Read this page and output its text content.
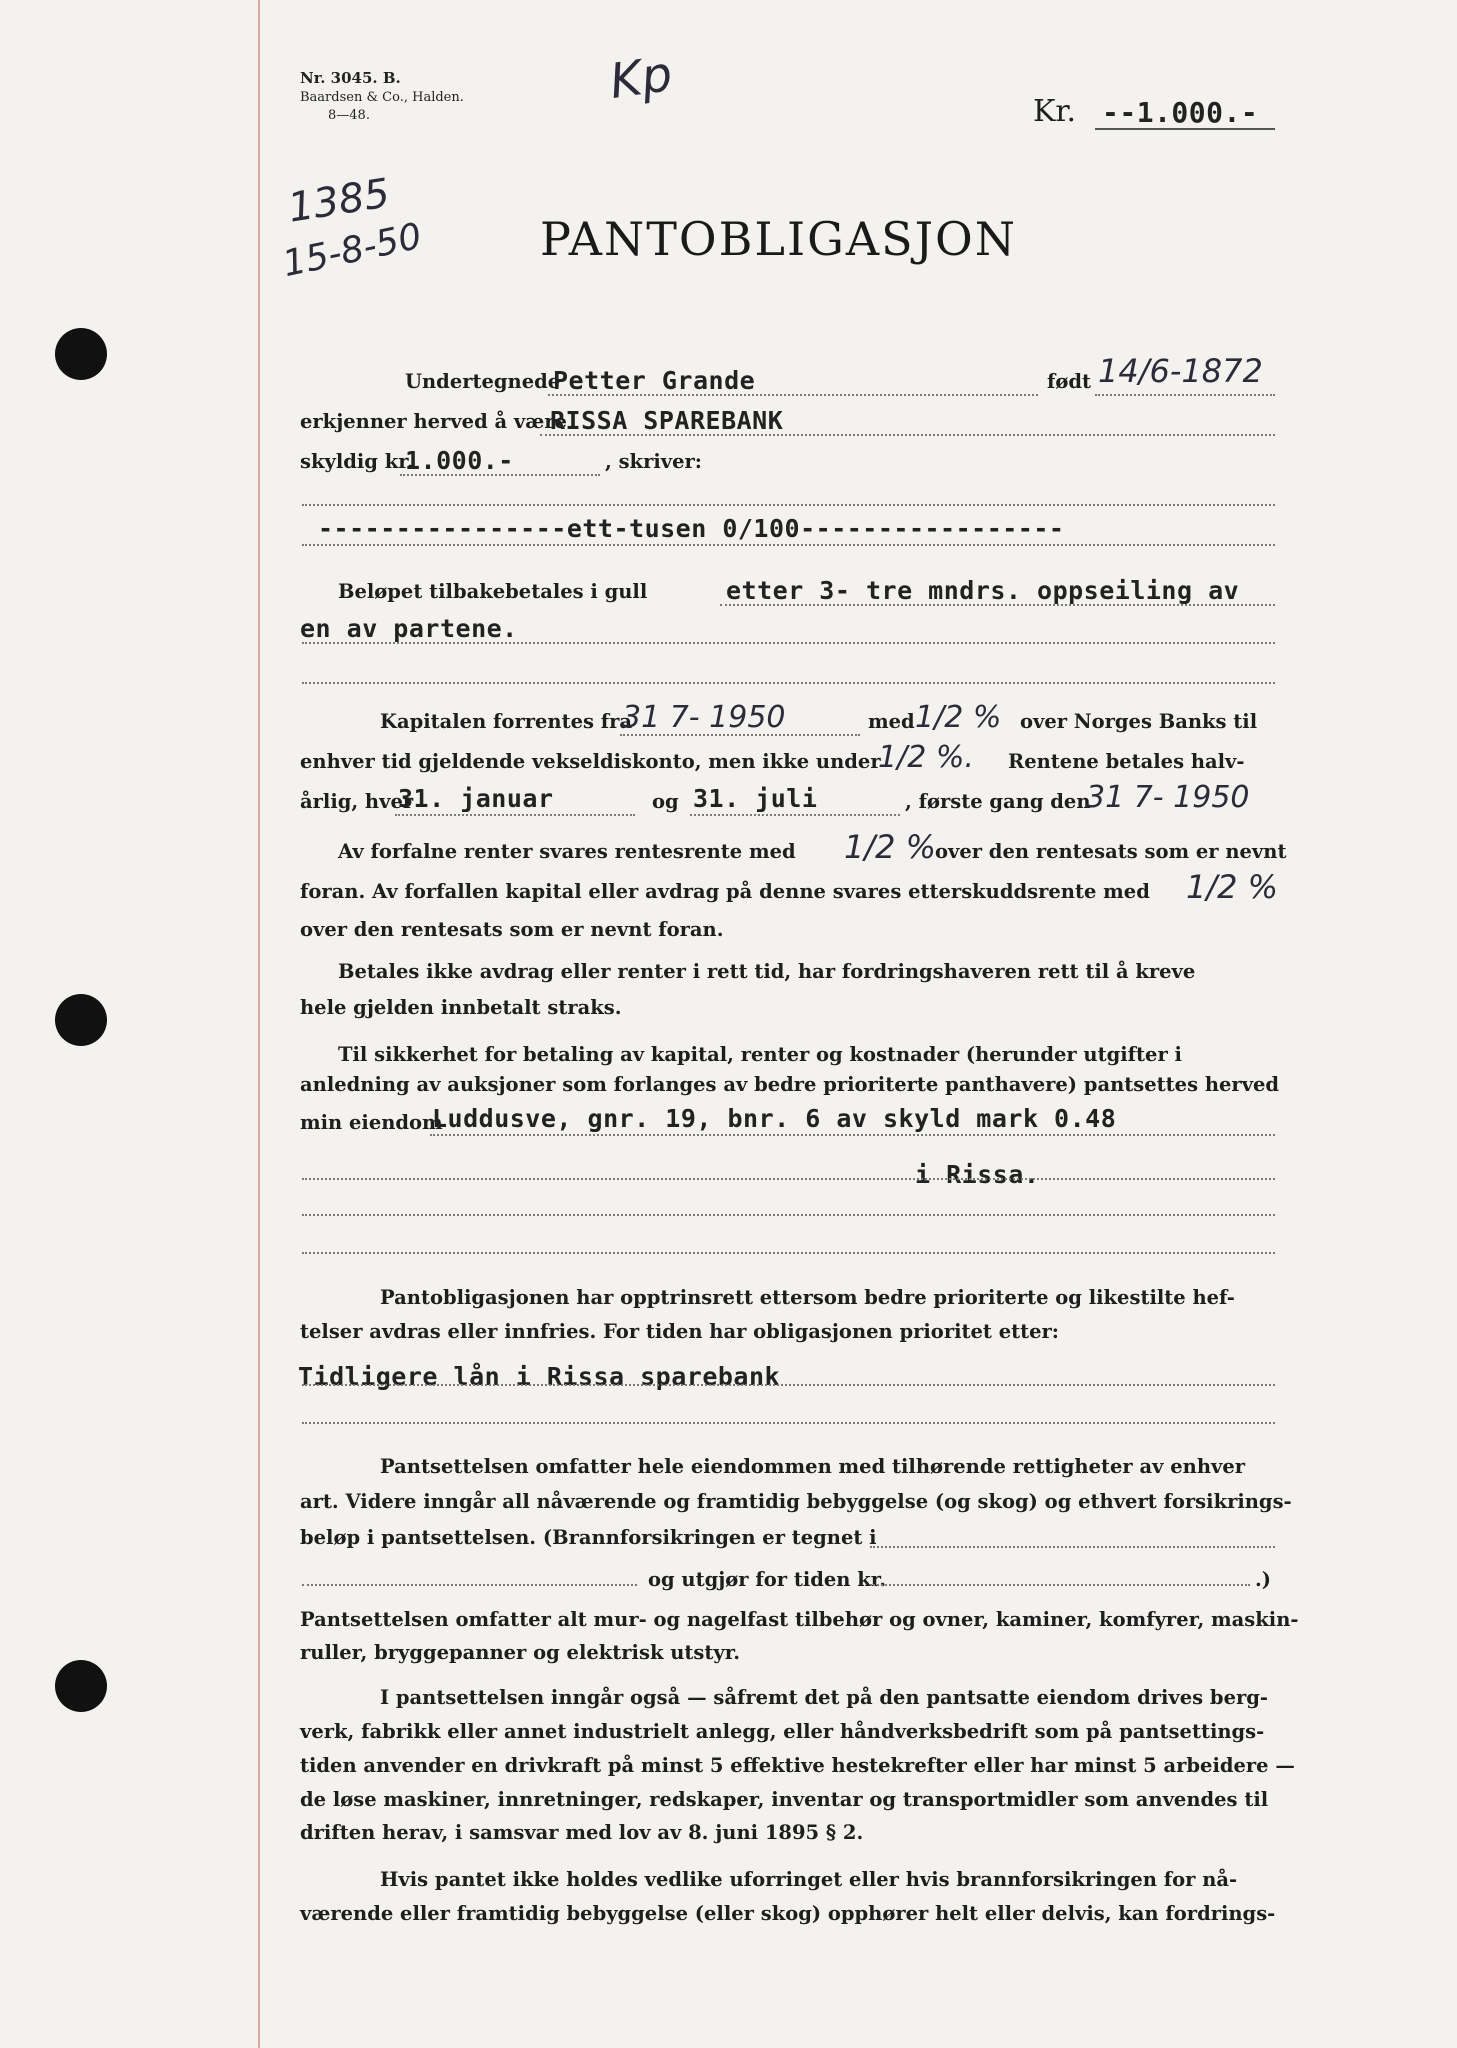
Nr. 3045. B.
Baardsen & Co., Halden.
8—48.
Kp
1385
15-8-50
Kr. --1.000.-
PANTOBLIGASJON
Undertegnede
Petter Grande	født 14/6-1872
erkjenner herved å være
RISSA SPAREBANK
skyldig kr.
1.000.-	, skriver:
----------------ett-tusen 0/100-----------------
Beløpet tilbakebetales i gull	etter 3- tre mndrs. oppseiling av
en av partene.
Kapitalen forrentes fra
31 7- 1950	med 1/2 % over Norges Banks til
enhver tid gjeldende vekseldiskonto, men ikke under
1/2 %. Rentene betales halv-
årlig, hver
31. januar	og 31. juli	, første gang den
31 7- 1950
Av forfalne renter svares rentesrente med 1/2 %
over den rentesats som er nevnt
foran. Av forfallen kapital eller avdrag på denne svares etterskuddsrente med 1/2 %
over den rentesats som er nevnt foran.
Betales ikke avdrag eller renter i rett tid, har fordringshaveren rett til å kreve
hele gjelden innbetalt straks.
Til sikkerhet for betaling av kapital, renter og kostnader (herunder utgifter i
anledning av auksjoner som forlanges av bedre prioriterte panthavere) pantsettes herved
min eiendom
Luddusve, gnr. 19, bnr. 6 av skyld mark 0.48
i Rissa.
Pantobligasjonen har opptrinsrett ettersom bedre prioriterte og likestilte hef-
telser avdras eller innfries. For tiden har obligasjonen prioritet etter:
Tidligere lån i Rissa sparebank
Pantsettelsen omfatter hele eiendommen med tilhørende rettigheter av enhver
art. Videre inngår all nåværende og framtidig bebyggelse (og skog) og ethvert forsikrings-
beløp i pantsettelsen. (Brannforsikringen er tegnet i
og utgjør for tiden kr.	.)
Pantsettelsen omfatter alt mur- og nagelfast tilbehør og ovner, kaminer, komfyrer, maskin-
ruller, bryggepanner og elektrisk utstyr.
I pantsettelsen inngår også — såfremt det på den pantsatte eiendom drives berg-
verk, fabrikk eller annet industrielt anlegg, eller håndverksbedrift som på pantsettings-
tiden anvender en drivkraft på minst 5 effektive hestekrefter eller har minst 5 arbeidere —
de løse maskiner, innretninger, redskaper, inventar og transportmidler som anvendes til
driften herav, i samsvar med lov av 8. juni 1895 § 2.
Hvis pantet ikke holdes vedlike uforringet eller hvis brannforsikringen for nå-
værende eller framtidig bebyggelse (eller skog) opphører helt eller delvis, kan fordrings-
